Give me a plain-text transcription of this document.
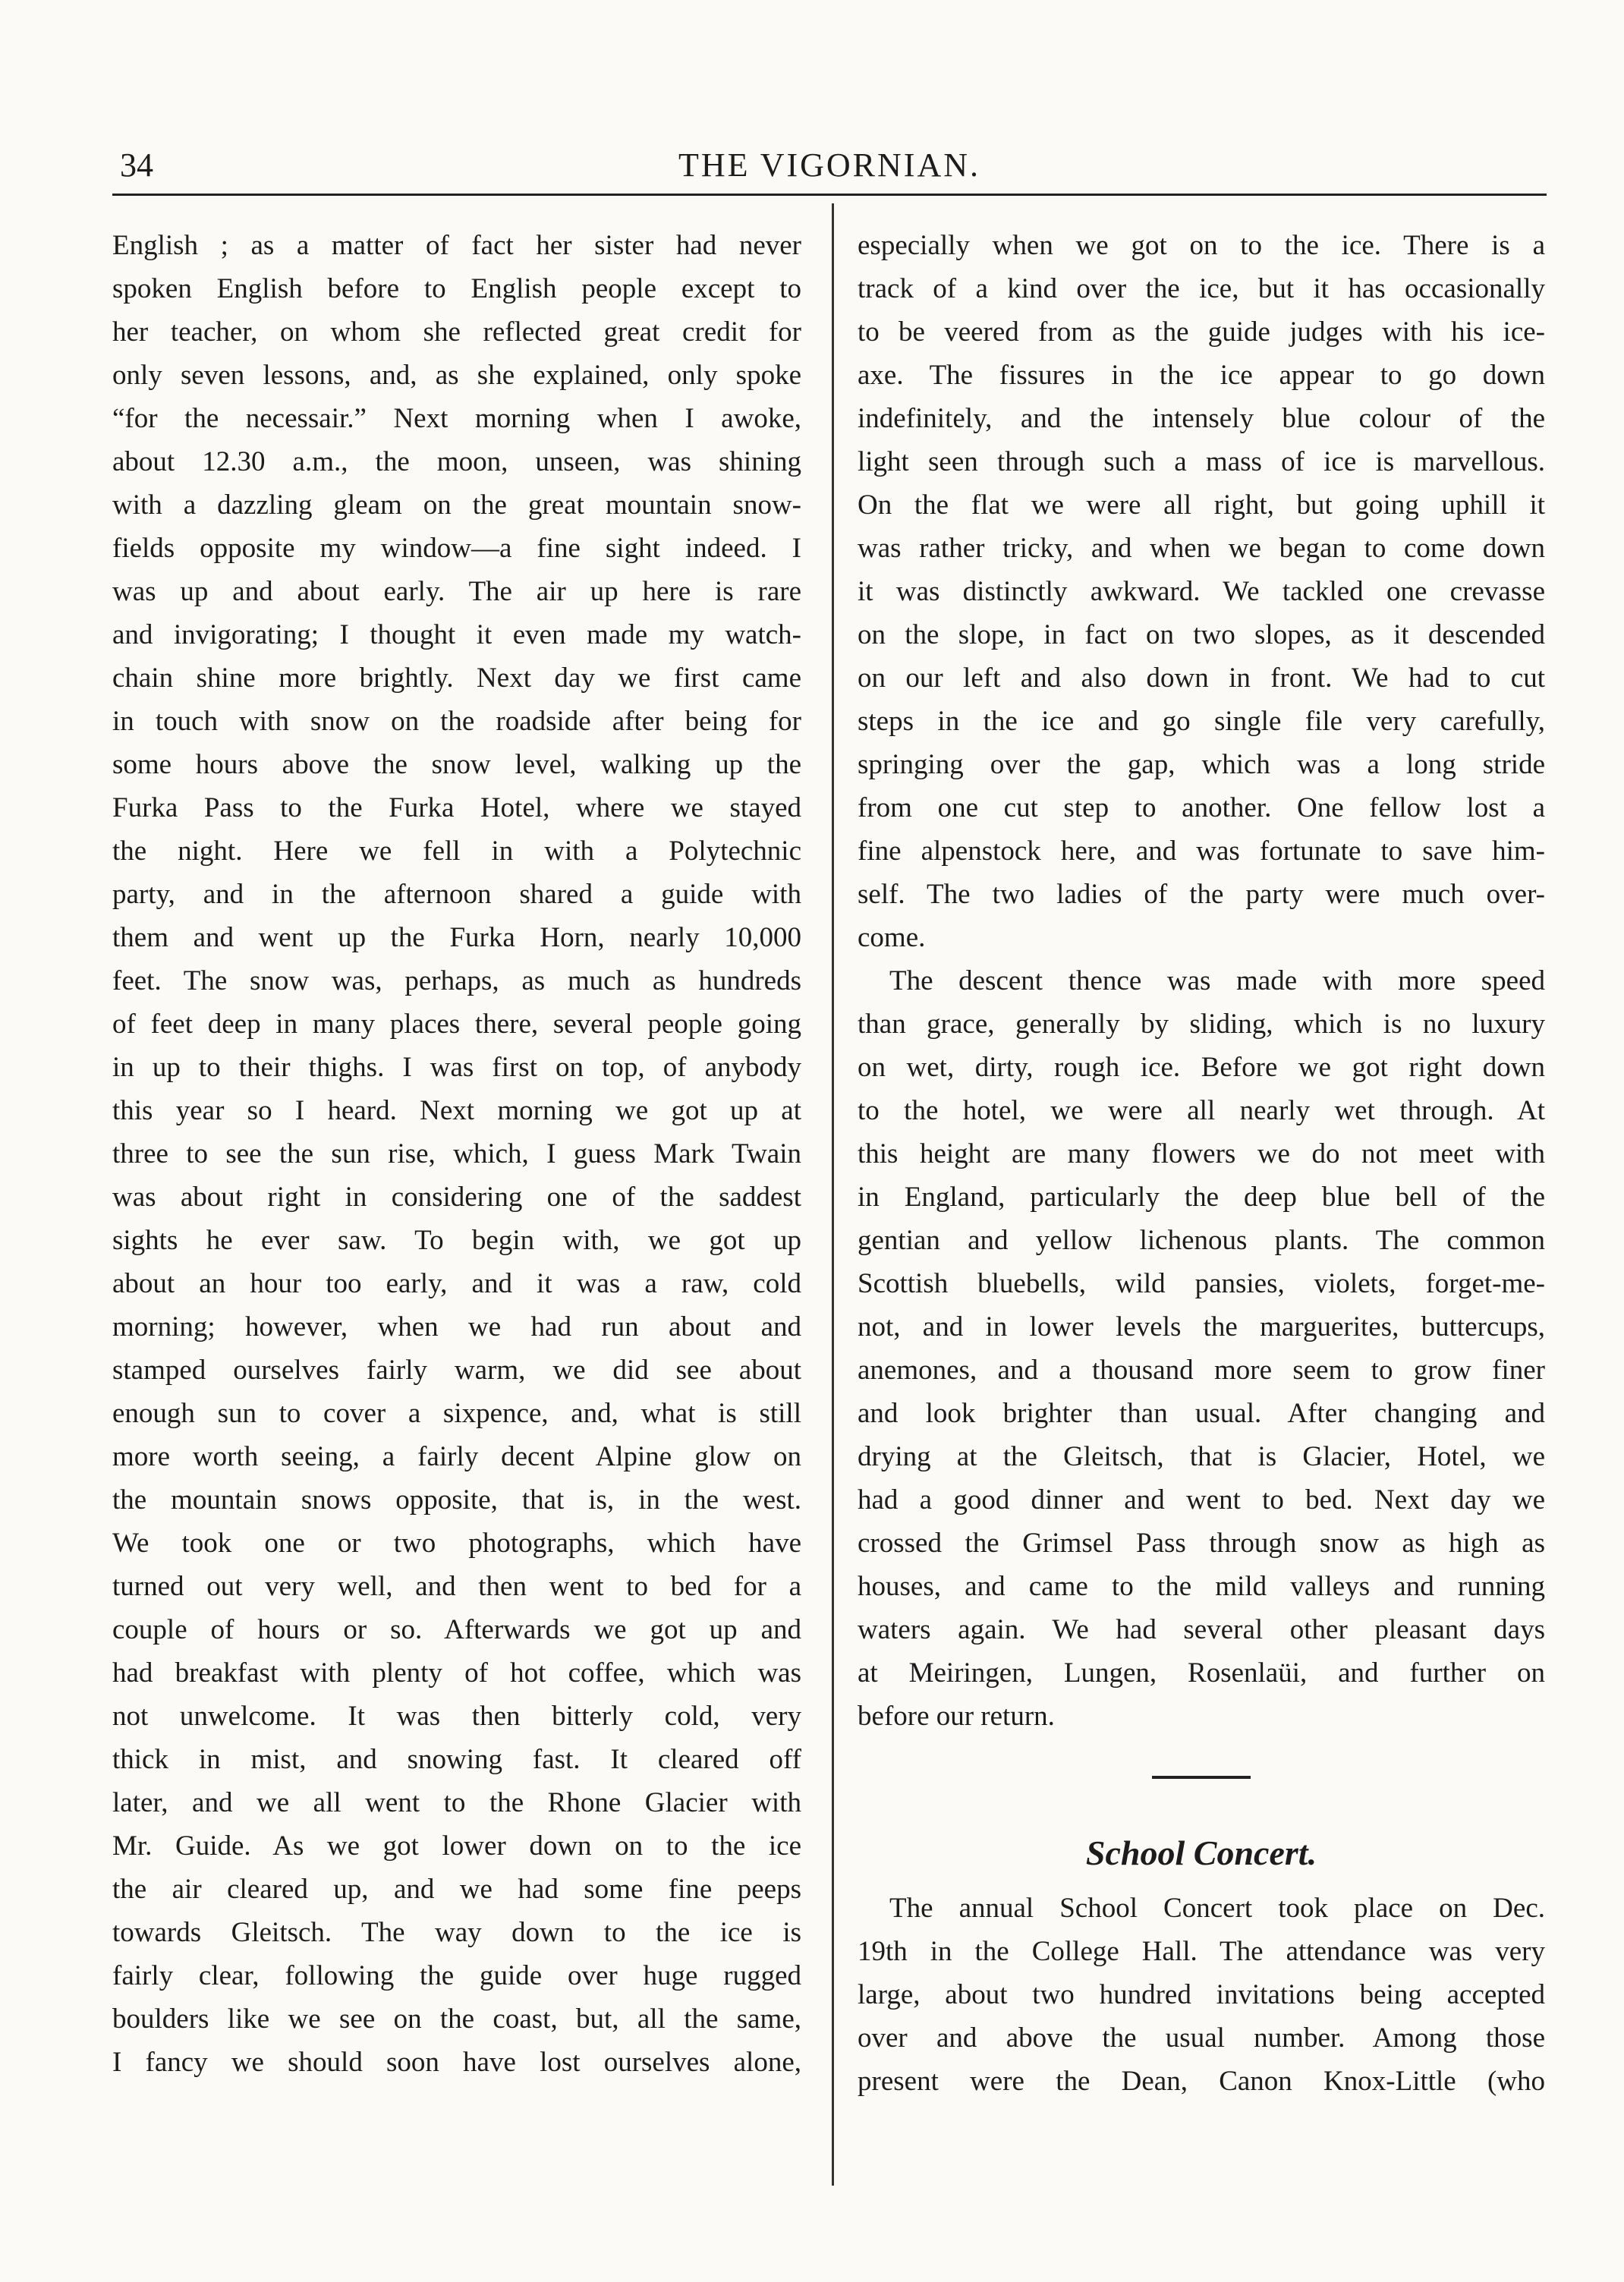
34	THE VIGORNIAN.
English ; as a matter of fact her sister had never
spoken English before to English people except to
her teacher, on whom she reflected great credit for
only seven lessons, and, as she explained, only spoke
“for the necessair.” Next morning when I awoke,
about 12.30 a.m., the moon, unseen, was shining
with a dazzling gleam on the great mountain snow-
fields opposite my window—a fine sight indeed. I
was up and about early. The air up here is rare
and invigorating; I thought it even made my watch-
chain shine more brightly. Next day we first came
in touch with snow on the roadside after being for
some hours above the snow level, walking up the
Furka Pass to the Furka Hotel, where we stayed
the night. Here we fell in with a Polytechnic
party, and in the afternoon shared a guide with
them and went up the Furka Horn, nearly 10,000
feet. The snow was, perhaps, as much as hundreds
of feet deep in many places there, several people going
in up to their thighs. I was first on top, of anybody
this year so I heard. Next morning we got up at
three to see the sun rise, which, I guess Mark Twain
was about right in considering one of the saddest
sights he ever saw. To begin with, we got up
about an hour too early, and it was a raw, cold
morning; however, when we had run about and
stamped ourselves fairly warm, we did see about
enough sun to cover a sixpence, and, what is still
more worth seeing, a fairly decent Alpine glow on
the mountain snows opposite, that is, in the west.
We took one or two photographs, which have
turned out very well, and then went to bed for a
couple of hours or so. Afterwards we got up and
had breakfast with plenty of hot coffee, which was
not unwelcome. It was then bitterly cold, very
thick in mist, and snowing fast. It cleared off
later, and we all went to the Rhone Glacier with
Mr. Guide. As we got lower down on to the ice
the air cleared up, and we had some fine peeps
towards Gleitsch. The way down to the ice is
fairly clear, following the guide over huge rugged
boulders like we see on the coast, but, all the same,
I fancy we should soon have lost ourselves alone,
especially when we got on to the ice. There is a
track of a kind over the ice, but it has occasionally
to be veered from as the guide judges with his ice-
axe. The fissures in the ice appear to go down
indefinitely, and the intensely blue colour of the
light seen through such a mass of ice is marvellous.
On the flat we were all right, but going uphill it
was rather tricky, and when we began to come down
it was distinctly awkward. We tackled one crevasse
on the slope, in fact on two slopes, as it descended
on our left and also down in front. We had to cut
steps in the ice and go single file very carefully,
springing over the gap, which was a long stride
from one cut step to another. One fellow lost a
fine alpenstock here, and was fortunate to save him-
self. The two ladies of the party were much over-
come.
The descent thence was made with more speed
than grace, generally by sliding, which is no luxury
on wet, dirty, rough ice. Before we got right down
to the hotel, we were all nearly wet through. At
this height are many flowers we do not meet with
in England, particularly the deep blue bell of the
gentian and yellow lichenous plants. The common
Scottish bluebells, wild pansies, violets, forget-me-
not, and in lower levels the marguerites, buttercups,
anemones, and a thousand more seem to grow finer
and look brighter than usual. After changing and
drying at the Gleitsch, that is Glacier, Hotel, we
had a good dinner and went to bed. Next day we
crossed the Grimsel Pass through snow as high as
houses, and came to the mild valleys and running
waters again. We had several other pleasant days
at Meiringen, Lungen, Rosenlaüi, and further on
before our return.
School Concert.
The annual School Concert took place on Dec.
19th in the College Hall. The attendance was very
large, about two hundred invitations being accepted
over and above the usual number. Among those
present were the Dean, Canon Knox-Little (who
